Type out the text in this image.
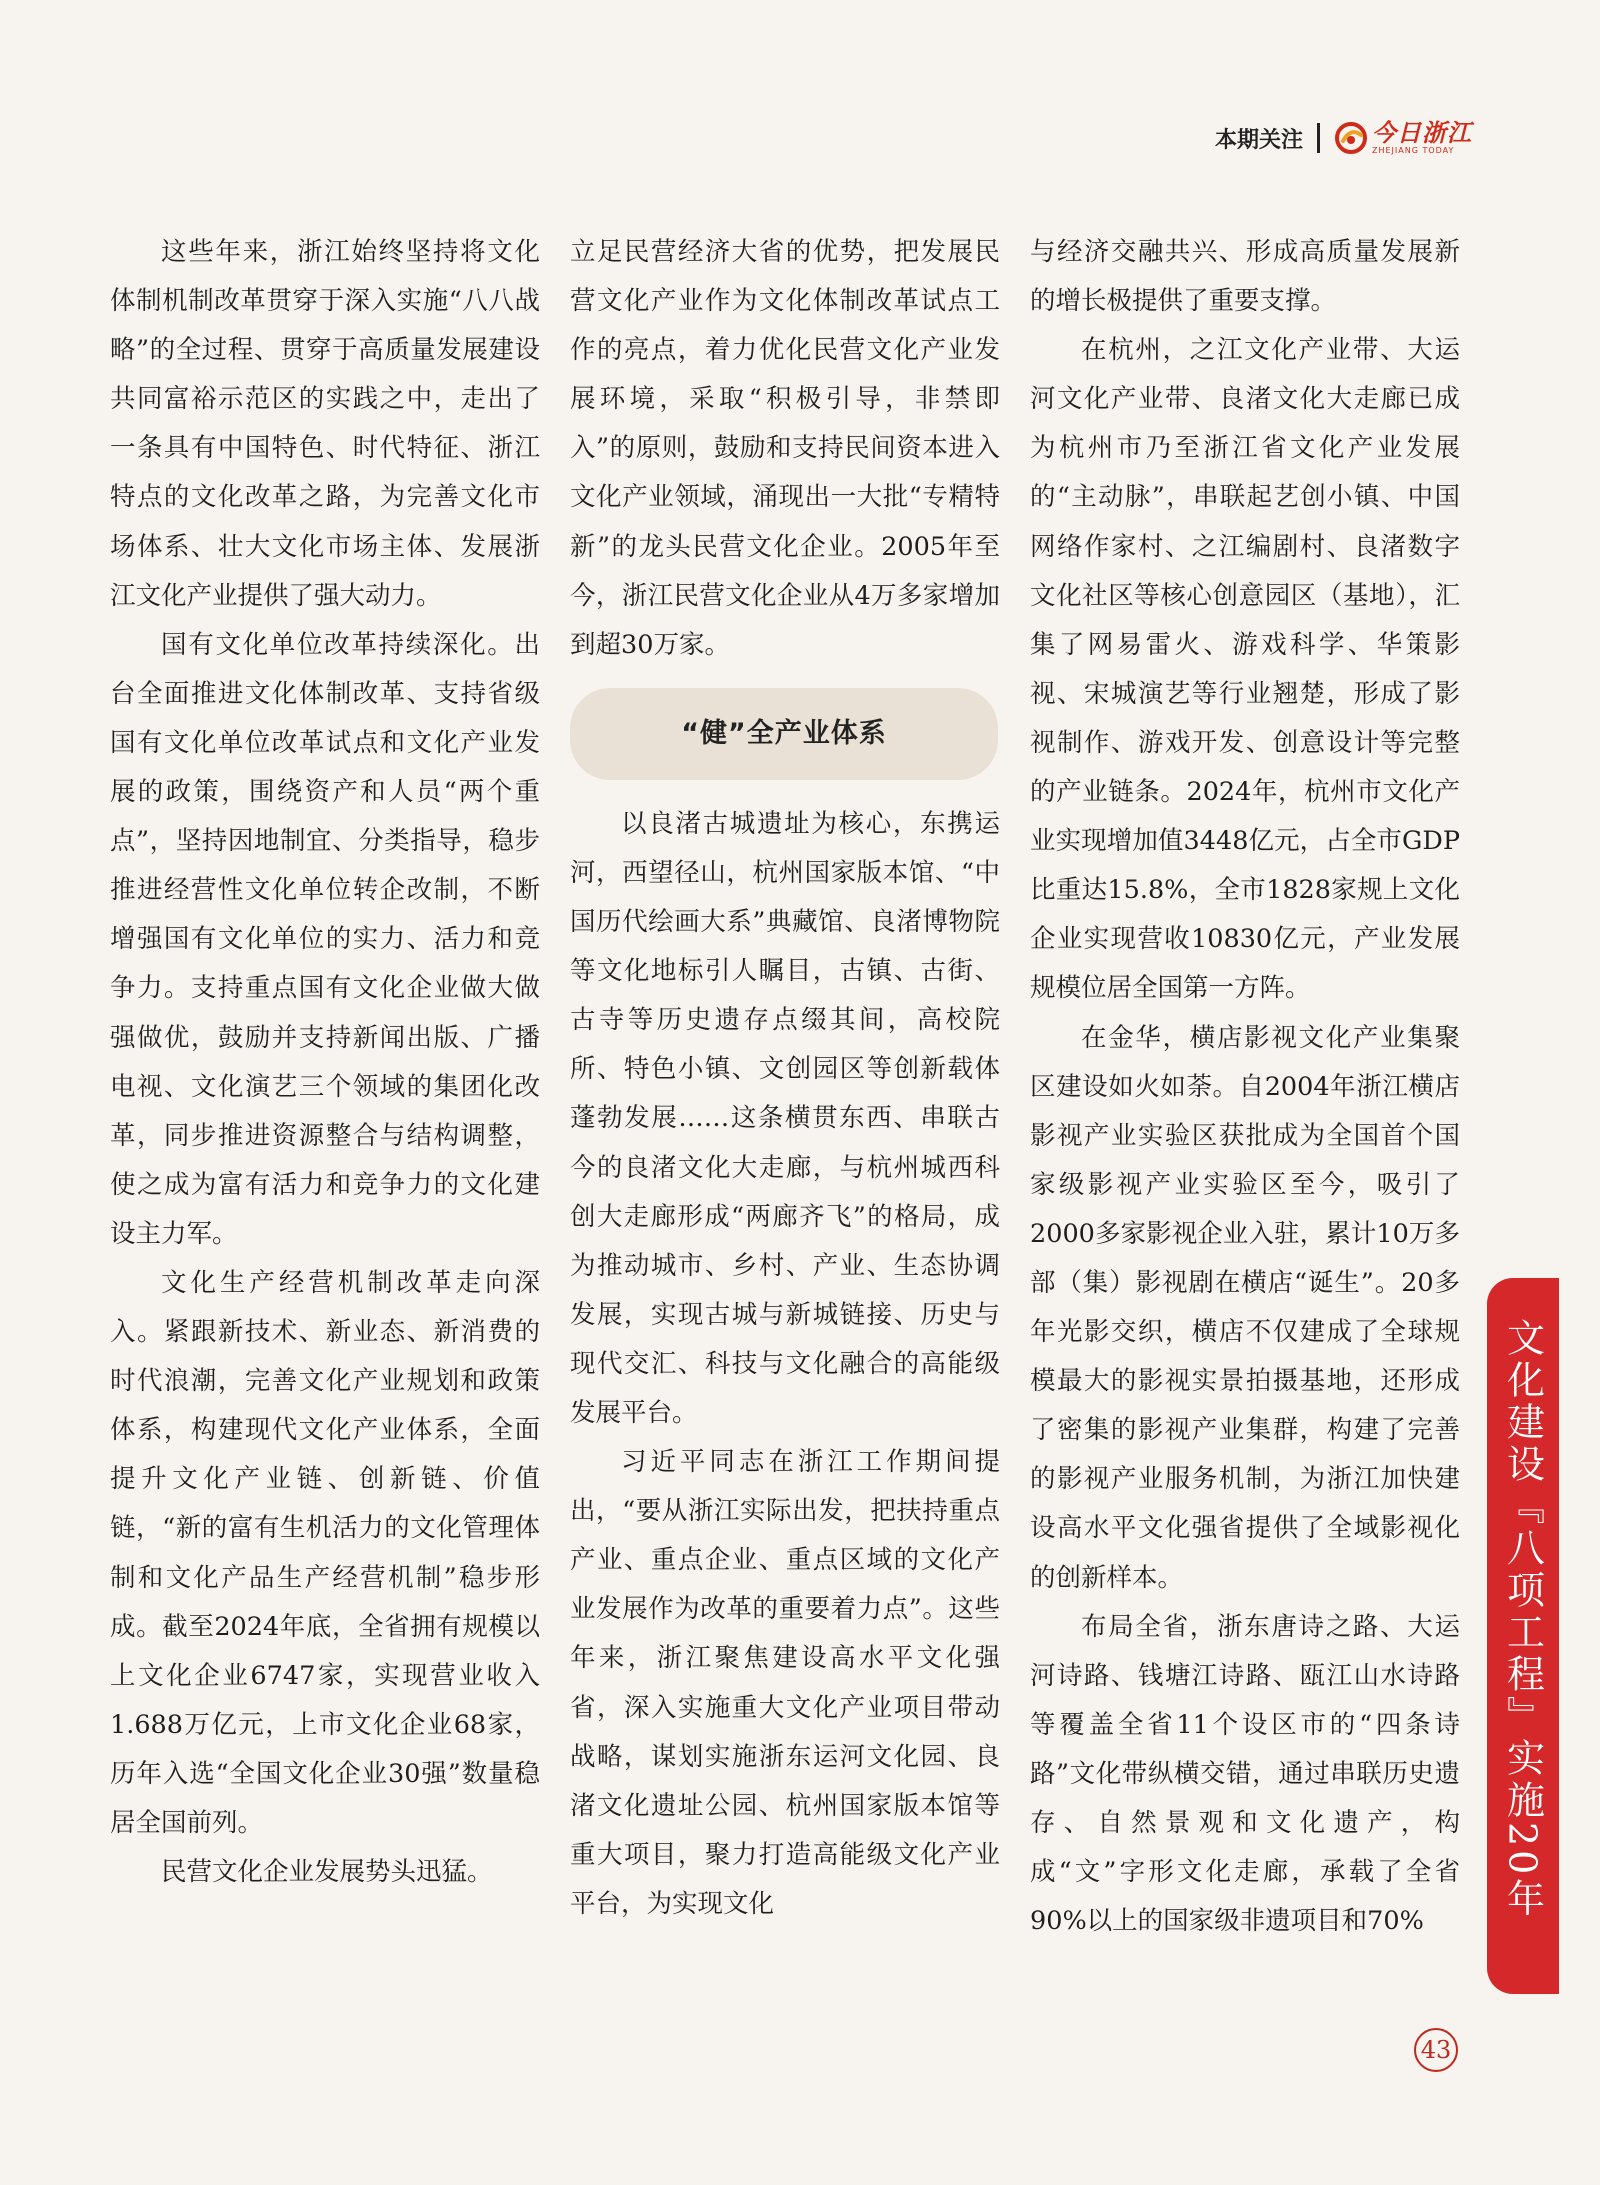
本期关注	今日浙江
ZHEJIANG TODAY

这些年来，浙江始终坚持将文化体制机制改革贯穿于深入实施“八八战略”的全过程、贯穿于高质量发展建设共同富裕示范区的实践之中，走出了一条具有中国特色、时代特征、浙江特点的文化改革之路，为完善文化市场体系、壮大文化市场主体、发展浙江文化产业提供了强大动力。

国有文化单位改革持续深化。出台全面推进文化体制改革、支持省级国有文化单位改革试点和文化产业发展的政策，围绕资产和人员“两个重点”，坚持因地制宜、分类指导，稳步推进经营性文化单位转企改制，不断增强国有文化单位的实力、活力和竞争力。支持重点国有文化企业做大做强做优，鼓励并支持新闻出版、广播电视、文化演艺三个领域的集团化改革，同步推进资源整合与结构调整，使之成为富有活力和竞争力的文化建设主力军。

文化生产经营机制改革走向深入。紧跟新技术、新业态、新消费的时代浪潮，完善文化产业规划和政策体系，构建现代文化产业体系，全面提升文化产业链、创新链、价值链，“新的富有生机活力的文化管理体制和文化产品生产经营机制”稳步形成。截至2024年底，全省拥有规模以上文化企业6747家，实现营业收入1.688万亿元，上市文化企业68家，历年入选“全国文化企业30强”数量稳居全国前列。

民营文化企业发展势头迅猛。

立足民营经济大省的优势，把发展民营文化产业作为文化体制改革试点工作的亮点，着力优化民营文化产业发展环境，采取“积极引导，非禁即入”的原则，鼓励和支持民间资本进入文化产业领域，涌现出一大批“专精特新”的龙头民营文化企业。2005年至今，浙江民营文化企业从4万多家增加到超30万家。

“健”全产业体系

以良渚古城遗址为核心，东携运河，西望径山，杭州国家版本馆、“中国历代绘画大系”典藏馆、良渚博物院等文化地标引人瞩目，古镇、古街、古寺等历史遗存点缀其间，高校院所、特色小镇、文创园区等创新载体蓬勃发展……这条横贯东西、串联古今的良渚文化大走廊，与杭州城西科创大走廊形成“两廊齐飞”的格局，成为推动城市、乡村、产业、生态协调发展，实现古城与新城链接、历史与现代交汇、科技与文化融合的高能级发展平台。

习近平同志在浙江工作期间提出，“要从浙江实际出发，把扶持重点产业、重点企业、重点区域的文化产业发展作为改革的重要着力点”。这些年来，浙江聚焦建设高水平文化强省，深入实施重大文化产业项目带动战略，谋划实施浙东运河文化园、良渚文化遗址公园、杭州国家版本馆等重大项目，聚力打造高能级文化产业平台，为实现文化

与经济交融共兴、形成高质量发展新的增长极提供了重要支撑。

在杭州，之江文化产业带、大运河文化产业带、良渚文化大走廊已成为杭州市乃至浙江省文化产业发展的“主动脉”，串联起艺创小镇、中国网络作家村、之江编剧村、良渚数字文化社区等核心创意园区（基地），汇集了网易雷火、游戏科学、华策影视、宋城演艺等行业翘楚，形成了影视制作、游戏开发、创意设计等完整的产业链条。2024年，杭州市文化产业实现增加值3448亿元，占全市GDP比重达15.8%，全市1828家规上文化企业实现营收10830亿元，产业发展规模位居全国第一方阵。

在金华，横店影视文化产业集聚区建设如火如荼。自2004年浙江横店影视产业实验区获批成为全国首个国家级影视产业实验区至今，吸引了2000多家影视企业入驻，累计10万多部（集）影视剧在横店“诞生”。20多年光影交织，横店不仅建成了全球规模最大的影视实景拍摄基地，还形成了密集的影视产业集群，构建了完善的影视产业服务机制，为浙江加快建设高水平文化强省提供了全域影视化的创新样本。

布局全省，浙东唐诗之路、大运河诗路、钱塘江诗路、瓯江山水诗路等覆盖全省11个设区市的“四条诗路”文化带纵横交错，通过串联历史遗存、自然景观和文化遗产，构成“文”字形文化走廊，承载了全省90%以上的国家级非遗项目和70%

文化建设『八项工程』实施20年
43
